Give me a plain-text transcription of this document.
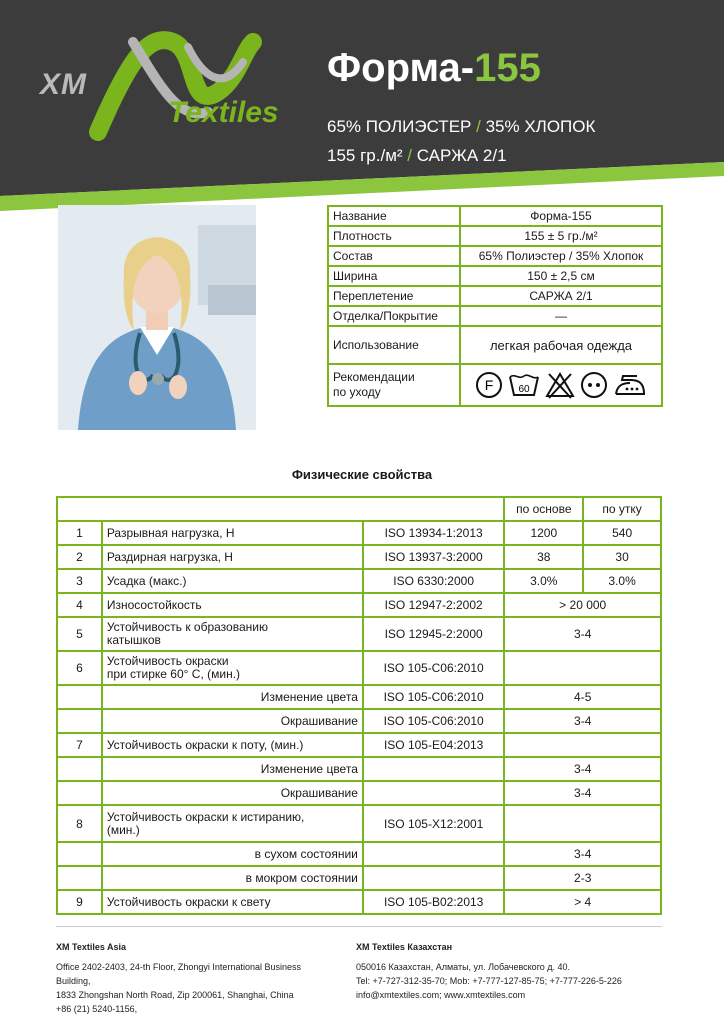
XM
Textiles
Форма-155
65% ПОЛИЭСТЕР / 35% ХЛОПОК
155 гр./м² / САРЖА 2/1
Название	Форма-155
Плотность	155 ± 5 гр./м²
Состав	65% Полиэстер / 35% Хлопок
Ширина	150 ± 2,5 см
Переплетение	САРЖА 2/1
Отделка/Покрытие	—
Использование	легкая рабочая одежда
Рекомендации
по уходу	F 60
Физические свойства
			по основе	по утку
1	Разрывная нагрузка, Н	ISO 13934-1:2013	1200	540
2	Раздирная нагрузка, Н	ISO 13937-3:2000	38	30
3	Усадка (макс.)	ISO 6330:2000	3.0%	3.0%
4	Износостойкость	ISO 12947-2:2002	> 20 000	
5	Устойчивость к образованию
катышков	ISO 12945-2:2000	3-4	
6	Устойчивость окраски
при стирке 60° С, (мин.)	ISO 105-C06:2010		
	Изменение цвета	ISO 105-C06:2010	4-5	
	Окрашивание	ISO 105-C06:2010	3-4	
7	Устойчивость окраски к поту, (мин.)	ISO 105-E04:2013		
	Изменение цвета		3-4	
	Окрашивание		3-4	
8	Устойчивость окраски к истиранию,
(мин.)	ISO 105-X12:2001		
	в сухом состоянии		3-4	
	в мокром состоянии		2-3	
9	Устойчивость окраски к свету	ISO 105-B02:2013	> 4	
XM Textiles Asia
Office 2402-2403, 24-th Floor, Zhongyi International Business Building,
1833 Zhongshan North Road, Zip 200061, Shanghai, China
+86 (21) 5240-1156,
XM Textiles Казахстан
050016 Казахстан, Алматы, ул. Лобачевского д. 40.
Tel: +7-727-312-35-70; Mob: +7-777-127-85-75; +7-777-226-5-226
info@xmtextiles.com; www.xmtextiles.com
